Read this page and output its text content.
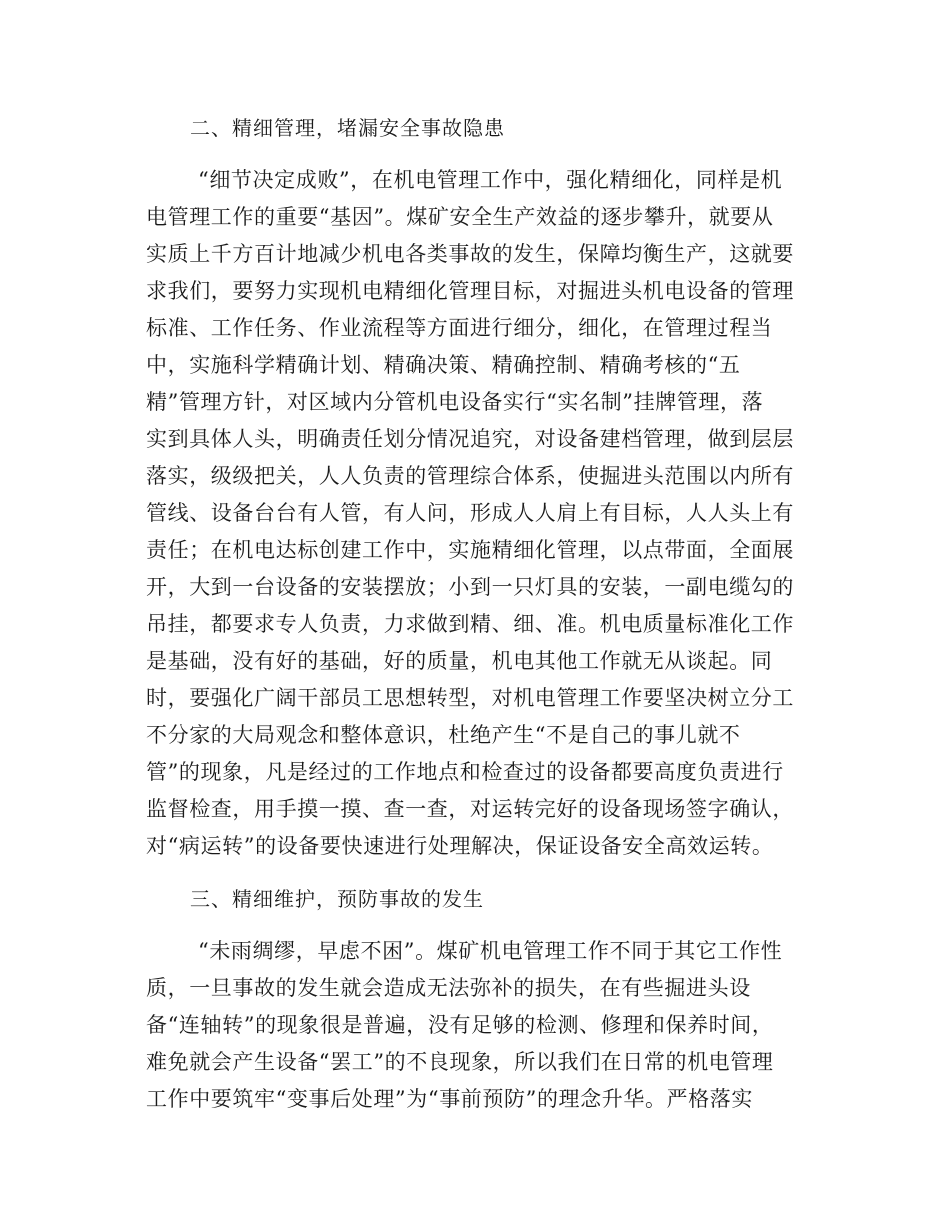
二、精细管理，堵漏安全事故隐患
“细节决定成败”，在机电管理工作中，强化精细化，同样是机
电管理工作的重要“基因”。煤矿安全生产效益的逐步攀升，就要从
实质上千方百计地减少机电各类事故的发生，保障均衡生产，这就要
求我们，要努力实现机电精细化管理目标，对掘进头机电设备的管理
标准、工作任务、作业流程等方面进行细分，细化，在管理过程当
中，实施科学精确计划、精确决策、精确控制、精确考核的“五
精”管理方针，对区域内分管机电设备实行“实名制”挂牌管理，落
实到具体人头，明确责任划分情况追究，对设备建档管理，做到层层
落实，级级把关，人人负责的管理综合体系，使掘进头范围以内所有
管线、设备台台有人管，有人问，形成人人肩上有目标，人人头上有
责任；在机电达标创建工作中，实施精细化管理，以点带面，全面展
开，大到一台设备的安装摆放；小到一只灯具的安装，一副电缆勾的
吊挂，都要求专人负责，力求做到精、细、准。机电质量标准化工作
是基础，没有好的基础，好的质量，机电其他工作就无从谈起。同
时，要强化广阔干部员工思想转型，对机电管理工作要坚决树立分工
不分家的大局观念和整体意识，杜绝产生“不是自己的事儿就不
管”的现象，凡是经过的工作地点和检查过的设备都要高度负责进行
监督检查，用手摸一摸、查一查，对运转完好的设备现场签字确认，
对“病运转”的设备要快速进行处理解决，保证设备安全高效运转。
三、精细维护，预防事故的发生
“未雨绸缪，早虑不困”。煤矿机电管理工作不同于其它工作性
质，一旦事故的发生就会造成无法弥补的损失，在有些掘进头设
备“连轴转”的现象很是普遍，没有足够的检测、修理和保养时间，
难免就会产生设备“罢工”的不良现象，所以我们在日常的机电管理
工作中要筑牢“变事后处理”为“事前预防”的理念升华。严格落实
